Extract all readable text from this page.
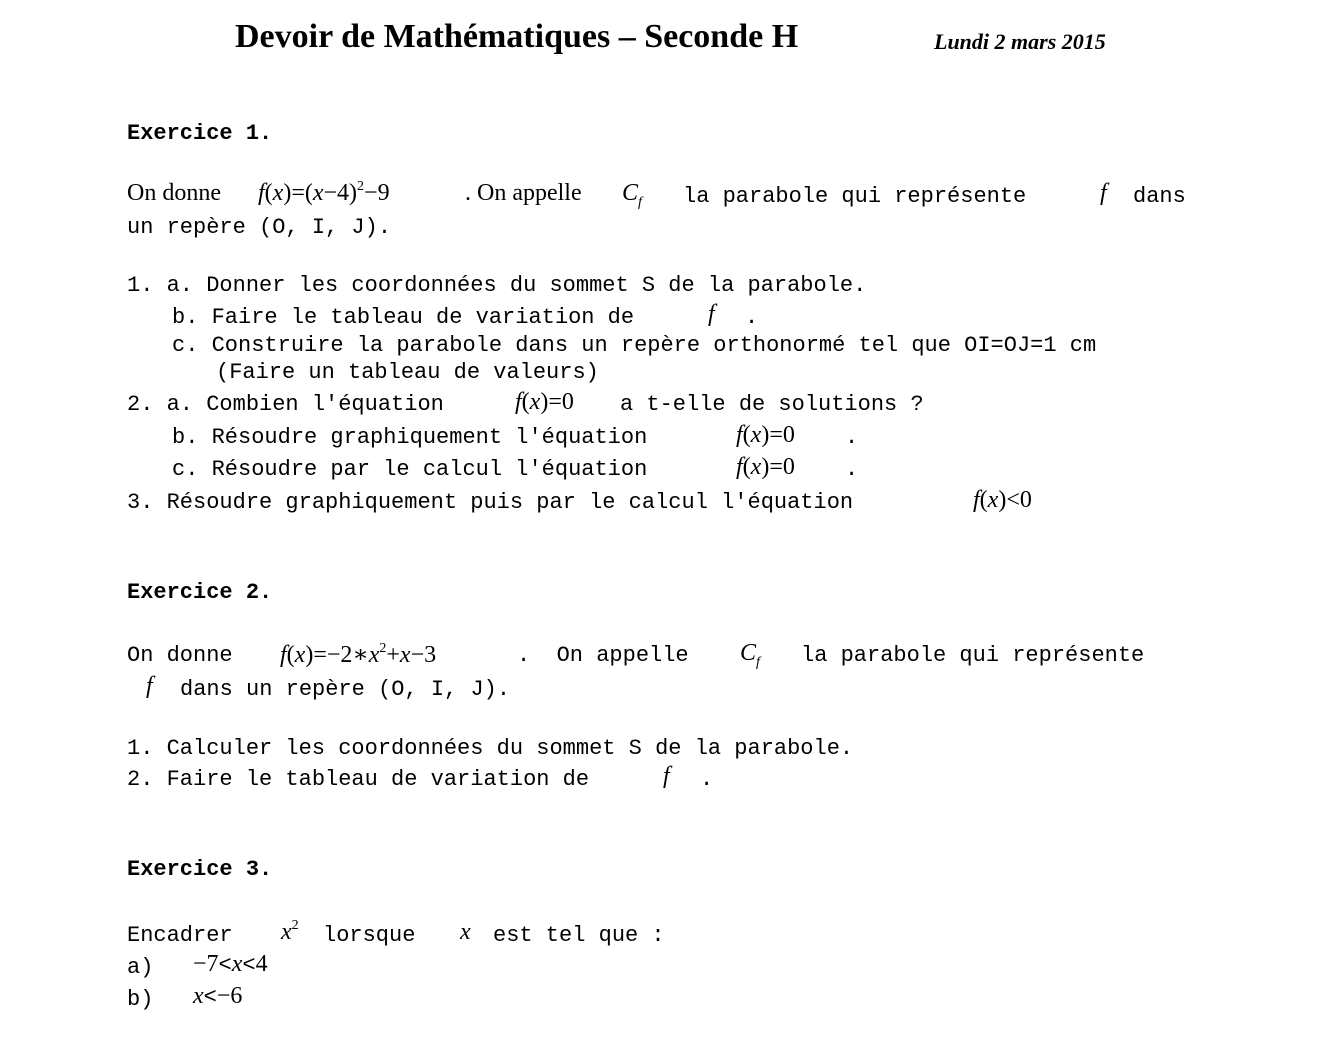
Devoir de Mathématiques – Seconde H	Lundi 2 mars 2015
Exercice 1.
On donne $f(x)=(x-4)^2-9$	. On appelle $C_f$ la parabole qui représente	f dans
un repère (O, I, J).
1. a. Donner les coordonnées du sommet S de la parabole.
b. Faire le tableau de variation de	f .
c. Construire la parabole dans un repère orthonormé tel que OI=OJ=1 cm
(Faire un tableau de valeurs)
2. a. Combien l'équation	f(x)=0 a t-elle de solutions ?
b. Résoudre graphiquement l'équation	f(x)=0 .
c. Résoudre par le calcul l'équation	f(x)=0 .
3. Résoudre graphiquement puis par le calcul l'équation	f(x)<0
Exercice 2.
On donne $f(x)=-2∗x^2+x-3$	.  On appelle $C_f$ la parabole qui représente
f dans un repère (O, I, J).
1. Calculer les coordonnées du sommet S de la parabole.
2. Faire le tableau de variation de	f .
Exercice 3.
Encadrer $x^2$ lorsque x est tel que :
a) −7<x<4
b) x<−6
